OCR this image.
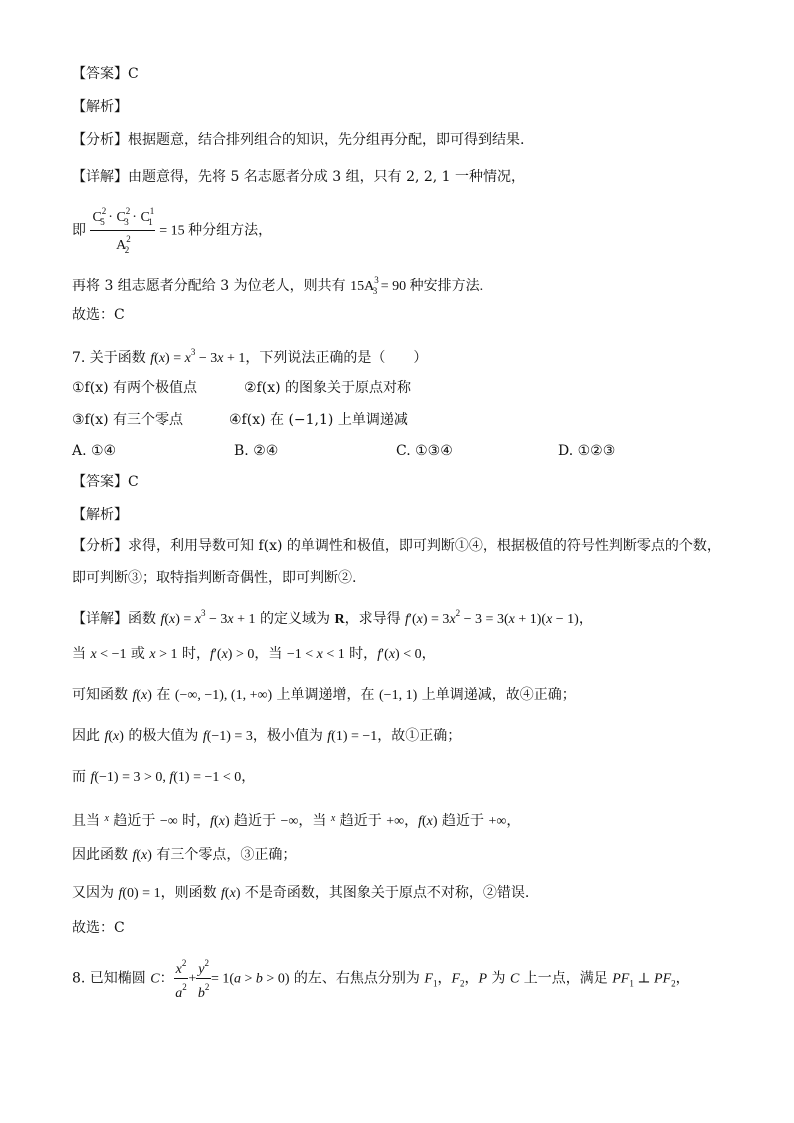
【答案】C
【解析】
【分析】根据题意，结合排列组合的知识，先分组再分配，即可得到结果.
【详解】由题意得，先将 5 名志愿者分成 3 组，只有 2, 2, 1 一种情况，
即 $\frac{C^2_5 \cdot C^2_3 \cdot C^1_1}{A^2_2} = 15$ 种分组方法，
再将 3 组志愿者分配给 3 为位老人，则共有 $15A^3_3 = 90$ 种安排方法.
故选：C
7. 关于函数 $f(x) = x^3 - 3x + 1$，下列说法正确的是（　　）
①f(x) 有两个极值点	②f(x) 的图象关于原点对称
③f(x) 有三个零点	④f(x) 在 (−1,1) 上单调递减
A. ①④	B. ②④	C. ①③④	D. ①②③
【答案】C
【解析】
【分析】求得，利用导数可知 f(x) 的单调性和极值，即可判断①④，根据极值的符号性判断零点的个数，
即可判断③；取特指判断奇偶性，即可判断②.
【详解】函数 $f(x) = x^3 - 3x + 1$ 的定义域为 R，求导得 $f'(x) = 3x^2 - 3 = 3(x + 1)(x - 1)$，
当 x < −1 或 x > 1 时，f′(x) > 0，当 −1 < x < 1 时，f′(x) < 0，
可知函数 f(x) 在 (−∞, −1), (1, +∞) 上单调递增，在 (−1, 1) 上单调递减，故④正确；
因此 f(x) 的极大值为 f(−1) = 3，极小值为 f(1) = −1，故①正确；
而 f(−1) = 3 > 0, f(1) = −1 < 0，
且当 $^x$ 趋近于 −∞ 时，f(x) 趋近于 −∞，当 $^x$ 趋近于 +∞，f(x) 趋近于 +∞，
因此函数 f(x) 有三个零点，③正确；
又因为 f(0) = 1，则函数 f(x) 不是奇函数，其图象关于原点不对称，②错误.
故选：C
8. 已知椭圆 C： $\frac{x^2}{a^2} + \frac{y^2}{b^2} = 1(a > b > 0)$ 的左、右焦点分别为 $F_1$，$F_2$，P 为 C 上一点，满足 $PF_1$ ⊥ $PF_2$，
